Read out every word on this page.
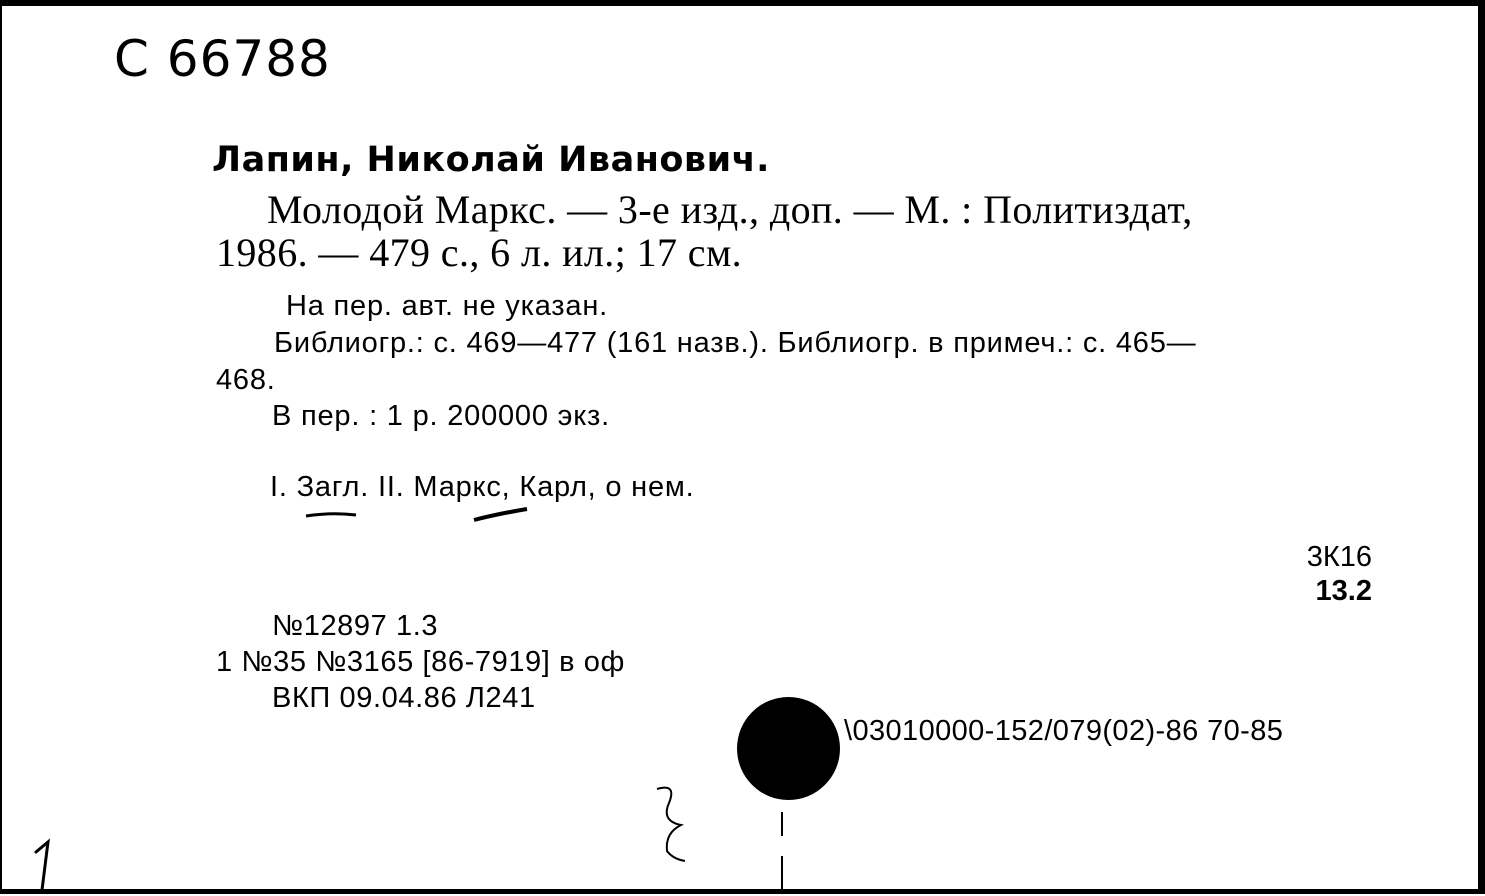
С 66788
Лапин, Николай Иванович.
Молодой Маркс. — 3-е изд., доп. — М. : Политиздат,
1986. — 479 с., 6 л. ил.; 17 см.
На пер. авт. не указан.
Библиогр.: с. 469—477 (161 назв.). Библиогр. в примеч.: с. 465—
468.
В пер. : 1 р. 200000 экз.
I. Загл. II. Маркс, Карл, о нем.
3К16
13.2
№12897 1.3
1 №35 №3165 [86-7919] в оф
ВКП 09.04.86 Л241
\03010000-152/079(02)-86 70-85
